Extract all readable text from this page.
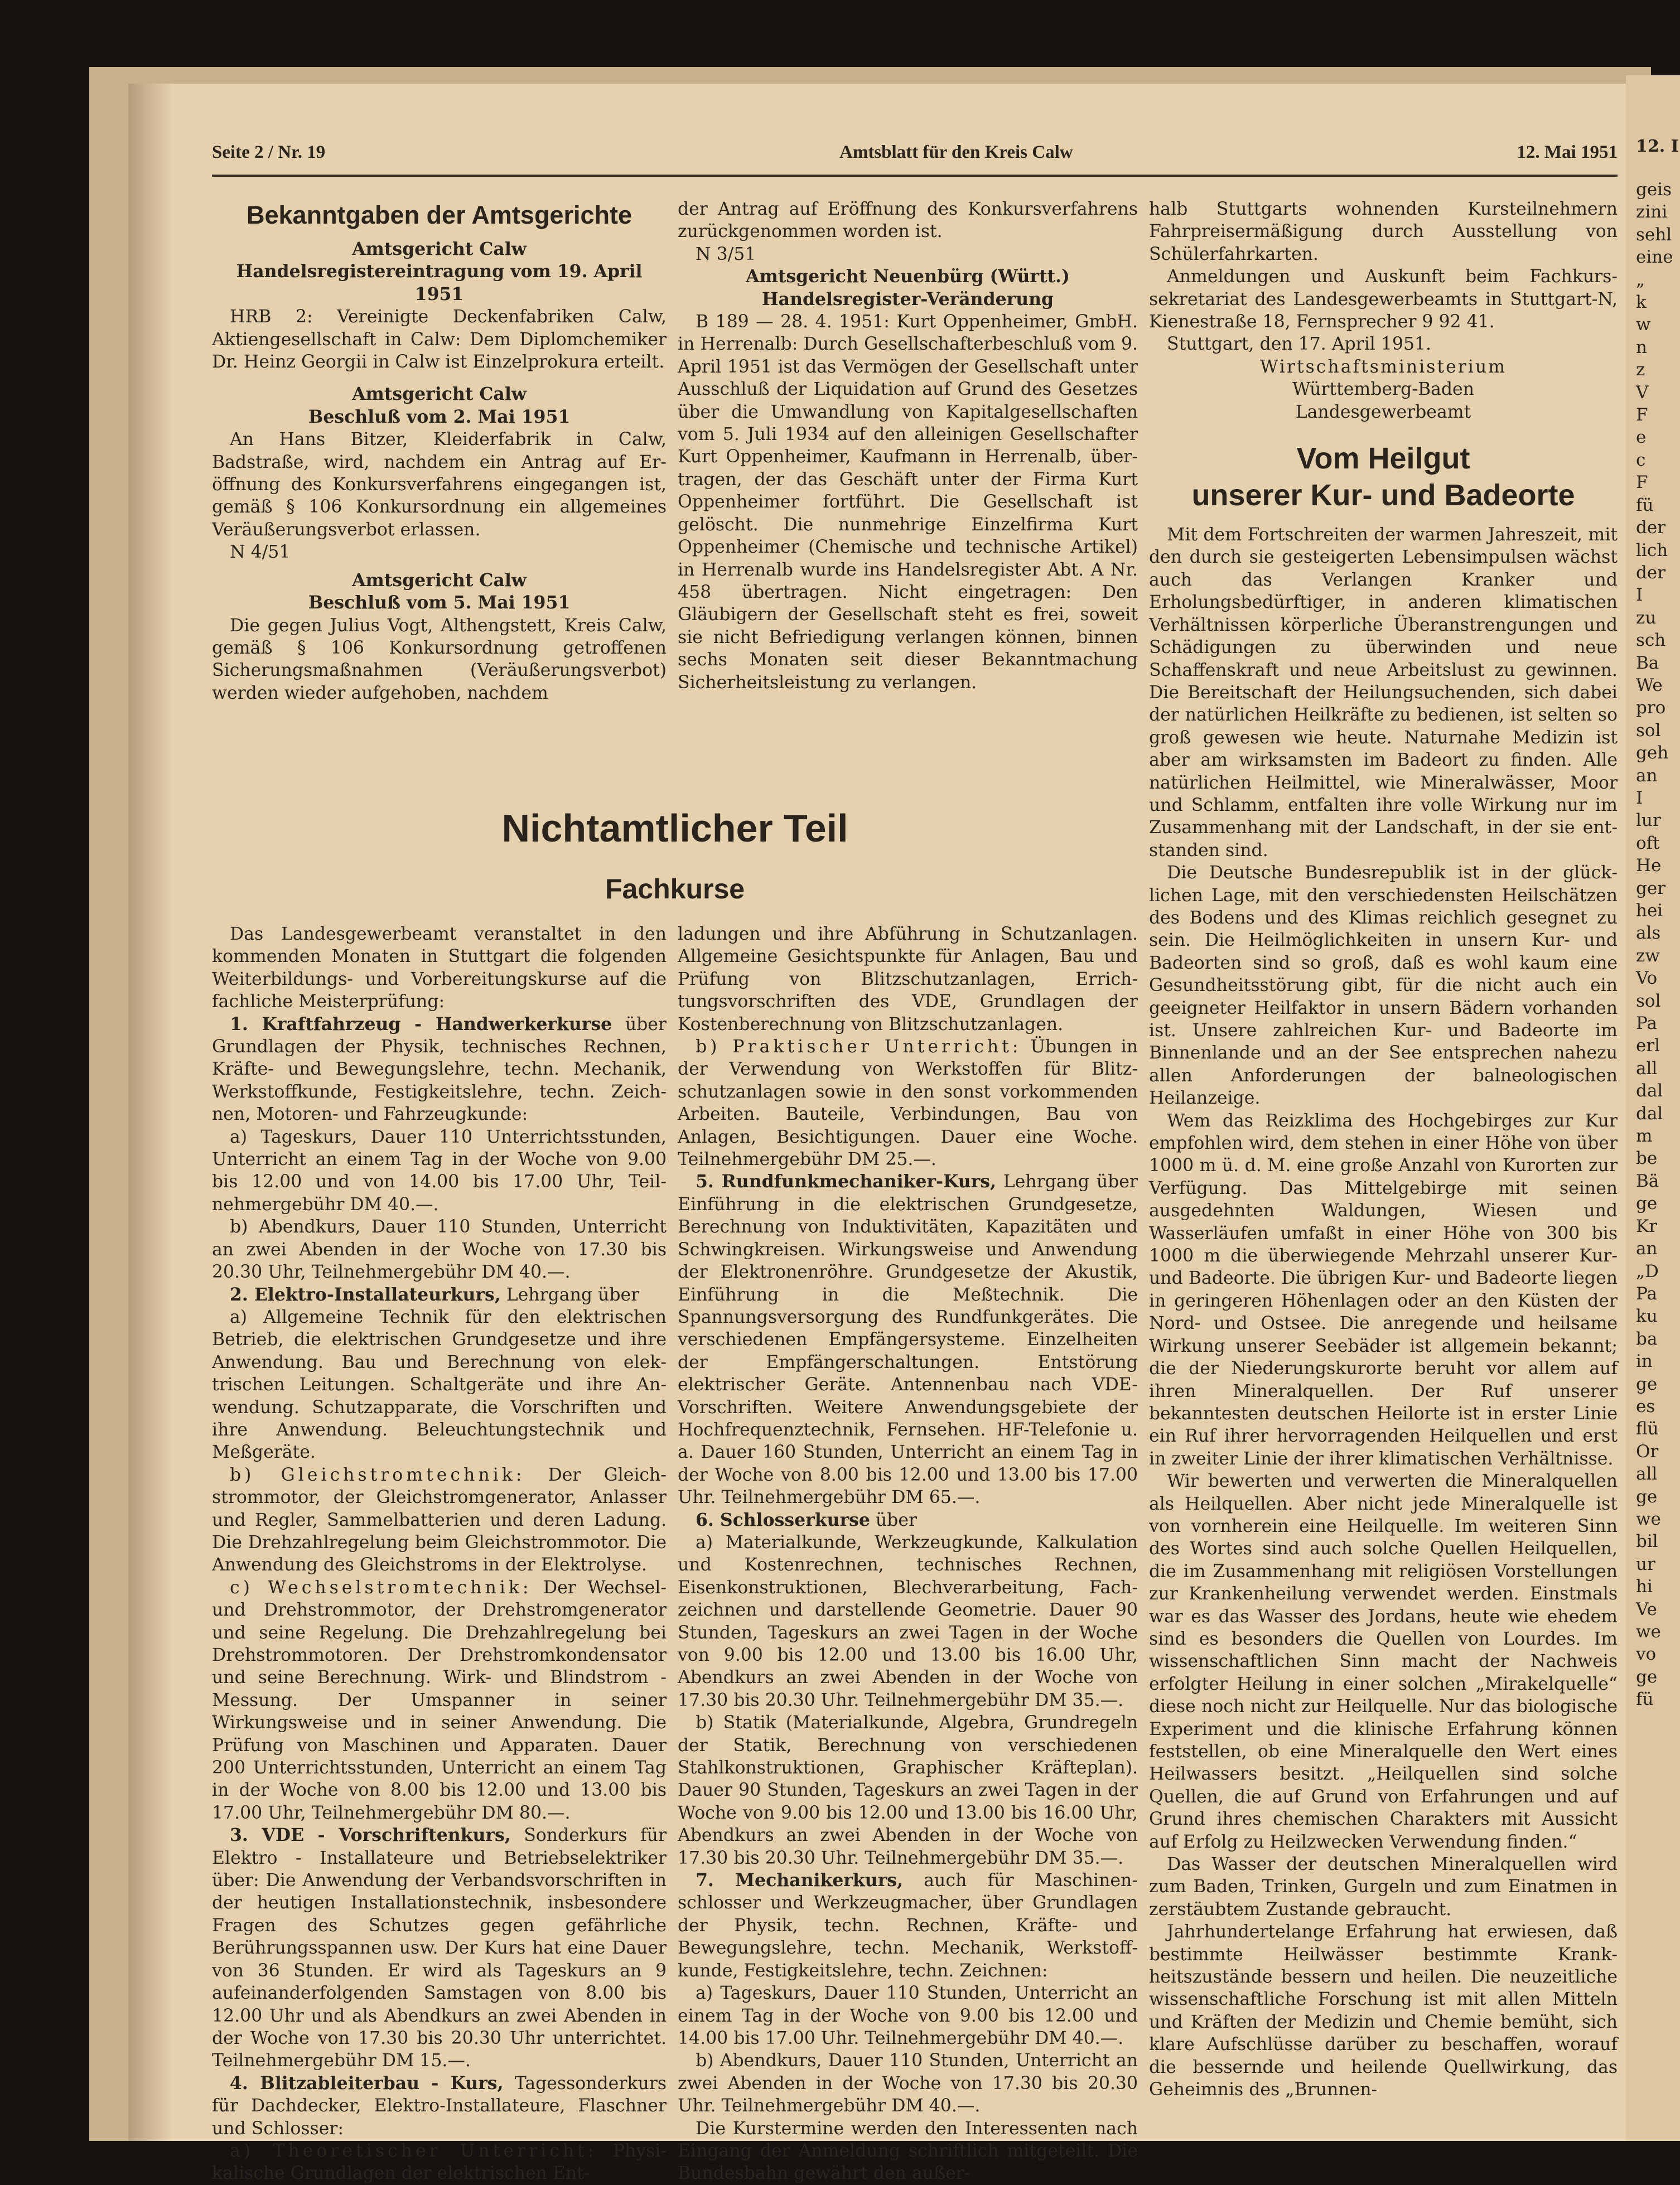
Seite 2 / Nr. 19	Amtsblatt für den Kreis Calw	12. Mai 1951

Bekanntgaben der Amtsgerichte

Amtsgericht Calw

Handelsregistereintragung vom 19. April 1951

HRB 2: Vereinigte Deckenfabriken Calw, Aktiengesellschaft in Calw: Dem Diplomchemiker Dr. Heinz Georgii in Calw ist Einzelprokura erteilt.

Amtsgericht Calw

Beschluß vom 2. Mai 1951

An Hans Bitzer, Kleiderfabrik in Calw, Badstraße, wird, nachdem ein Antrag auf Eröffnung des Konkursverfahrens eingegangen ist, gemäß § 106 Konkursordnung ein allgemeines Veräußerungsverbot erlassen.

N 4/51

Amtsgericht Calw

Beschluß vom 5. Mai 1951

Die gegen Julius Vogt, Althengstett, Kreis Calw, gemäß § 106 Konkursordnung getroffenen Sicherungsmaßnahmen (Veräußerungsverbot) werden wieder aufgehoben, nachdem

der Antrag auf Eröffnung des Konkursverfahrens zurückgenommen worden ist.

N 3/51

Amtsgericht Neuenbürg (Württ.)

Handelsregister-Veränderung

B 189 — 28. 4. 1951: Kurt Oppenheimer, GmbH. in Herrenalb: Durch Gesellschafterbeschluß vom 9. April 1951 ist das Vermögen der Gesellschaft unter Ausschluß der Liquidation auf Grund des Gesetzes über die Umwandlung von Kapitalgesellschaften vom 5. Juli 1934 auf den alleinigen Gesellschafter Kurt Oppenheimer, Kaufmann in Herrenalb, übertragen, der das Geschäft unter der Firma Kurt Oppenheimer fortführt. Die Gesellschaft ist gelöscht. Die nunmehrige Einzelfirma Kurt Oppenheimer (Chemische und technische Artikel) in Herrenalb wurde ins Handelsregister Abt. A Nr. 458 übertragen. Nicht eingetragen: Den Gläubigern der Gesellschaft steht es frei, soweit sie nicht Befriedigung verlangen können, binnen sechs Monaten seit dieser Bekanntmachung Sicherheitsleistung zu verlangen.

Nichtamtlicher Teil
Fachkurse

Das Landesgewerbeamt veranstaltet in den kommenden Monaten in Stuttgart die folgenden Weiterbildungs- und Vorbereitungskurse auf die fachliche Meisterprüfung:

1. Kraftfahrzeug - Handwerkerkurse über Grundlagen der Physik, technisches Rechnen, Kräfte- und Bewegungslehre, techn. Mechanik, Werkstoffkunde, Festigkeitslehre, techn. Zeichnen, Motoren- und Fahrzeugkunde:

a) Tageskurs, Dauer 110 Unterrichtsstunden, Unterricht an einem Tag in der Woche von 9.00 bis 12.00 und von 14.00 bis 17.00 Uhr, Teilnehmergebühr DM 40.—.

b) Abendkurs, Dauer 110 Stunden, Unterricht an zwei Abenden in der Woche von 17.30 bis 20.30 Uhr, Teilnehmergebühr DM 40.—.

2. Elektro-Installateurkurs, Lehrgang über

a) Allgemeine Technik für den elektrischen Betrieb, die elektrischen Grundgesetze und ihre Anwendung. Bau und Berechnung von elektrischen Leitungen. Schaltgeräte und ihre Anwendung. Schutzapparate, die Vorschriften und ihre Anwendung. Beleuchtungstechnik und Meßgeräte.

b) Gleichstromtechnik: Der Gleichstrommotor, der Gleichstromgenerator, Anlasser und Regler, Sammelbatterien und deren Ladung. Die Drehzahlregelung beim Gleichstrommotor. Die Anwendung des Gleichstroms in der Elektrolyse.

c) Wechselstromtechnik: Der Wechsel- und Drehstrommotor, der Drehstromgenerator und seine Regelung. Die Drehzahlregelung bei Drehstrommotoren. Der Drehstromkondensator und seine Berechnung. Wirk- und Blindstrom - Messung. Der Umspanner in seiner Wirkungsweise und in seiner Anwendung. Die Prüfung von Maschinen und Apparaten. Dauer 200 Unterrichtsstunden, Unterricht an einem Tag in der Woche von 8.00 bis 12.00 und 13.00 bis 17.00 Uhr, Teilnehmergebühr DM 80.—.

3. VDE - Vorschriftenkurs, Sonderkurs für Elektro - Installateure und Betriebselektriker über: Die Anwendung der Verbandsvorschriften in der heutigen Installationstechnik, insbesondere Fragen des Schutzes gegen gefährliche Berührungsspannen usw. Der Kurs hat eine Dauer von 36 Stunden. Er wird als Tageskurs an 9 aufeinanderfolgenden Samstagen von 8.00 bis 12.00 Uhr und als Abendkurs an zwei Abenden in der Woche von 17.30 bis 20.30 Uhr unterrichtet. Teilnehmergebühr DM 15.—.

4. Blitzableiterbau - Kurs, Tagessonderkurs für Dachdecker, Elektro-Installateure, Flaschner und Schlosser:

a) Theoretischer Unterricht: Physikalische Grundlagen der elektrischen Ent-

ladungen und ihre Abführung in Schutzanlagen. Allgemeine Gesichtspunkte für Anlagen, Bau und Prüfung von Blitzschutzanlagen, Errichtungsvorschriften des VDE, Grundlagen der Kostenberechnung von Blitzschutzanlagen.

b) Praktischer Unterricht: Übungen in der Verwendung von Werkstoffen für Blitzschutzanlagen sowie in den sonst vorkommenden Arbeiten. Bauteile, Verbindungen, Bau von Anlagen, Besichtigungen. Dauer eine Woche. Teilnehmergebühr DM 25.—.

5. Rundfunkmechaniker-Kurs, Lehrgang über Einführung in die elektrischen Grundgesetze, Berechnung von Induktivitäten, Kapazitäten und Schwingkreisen. Wirkungsweise und Anwendung der Elektronenröhre. Grundgesetze der Akustik, Einführung in die Meßtechnik. Die Spannungsversorgung des Rundfunkgerätes. Die verschiedenen Empfängersysteme. Einzelheiten der Empfängerschaltungen. Entstörung elektrischer Geräte. Antennenbau nach VDE-Vorschriften. Weitere Anwendungsgebiete der Hochfrequenztechnik, Fernsehen. HF-Telefonie u. a. Dauer 160 Stunden, Unterricht an einem Tag in der Woche von 8.00 bis 12.00 und 13.00 bis 17.00 Uhr. Teilnehmergebühr DM 65.—.

6. Schlosserkurse über

a) Materialkunde, Werkzeugkunde, Kalkulation und Kostenrechnen, technisches Rechnen, Eisenkonstruktionen, Blechverarbeitung, Fachzeichnen und darstellende Geometrie. Dauer 90 Stunden, Tageskurs an zwei Tagen in der Woche von 9.00 bis 12.00 und 13.00 bis 16.00 Uhr, Abendkurs an zwei Abenden in der Woche von 17.30 bis 20.30 Uhr. Teilnehmergebühr DM 35.—.

b) Statik (Materialkunde, Algebra, Grundregeln der Statik, Berechnung von verschiedenen Stahlkonstruktionen, Graphischer Kräfteplan). Dauer 90 Stunden, Tageskurs an zwei Tagen in der Woche von 9.00 bis 12.00 und 13.00 bis 16.00 Uhr, Abendkurs an zwei Abenden in der Woche von 17.30 bis 20.30 Uhr. Teilnehmergebühr DM 35.—.

7. Mechanikerkurs, auch für Maschinenschlosser und Werkzeugmacher, über Grundlagen der Physik, techn. Rechnen, Kräfte- und Bewegungslehre, techn. Mechanik, Werkstoffkunde, Festigkeitslehre, techn. Zeichnen:

a) Tageskurs, Dauer 110 Stunden, Unterricht an einem Tag in der Woche von 9.00 bis 12.00 und 14.00 bis 17.00 Uhr. Teilnehmergebühr DM 40.—.

b) Abendkurs, Dauer 110 Stunden, Unterricht an zwei Abenden in der Woche von 17.30 bis 20.30 Uhr. Teilnehmergebühr DM 40.—.

Die Kurstermine werden den Interessenten nach Eingang der Anmeldung schriftlich mitgeteilt. Die Bundesbahn gewährt den außer-

halb Stuttgarts wohnenden Kursteilnehmern Fahrpreisermäßigung durch Ausstellung von Schülerfahrkarten.

Anmeldungen und Auskunft beim Fachkurssekretariat des Landesgewerbeamts in Stuttgart-N, Kienestraße 18, Fernsprecher 9 92 41.

Stuttgart, den 17. April 1951.

Wirtschaftsministerium

Württemberg-Baden

Landesgewerbeamt

Vom Heilgut
unserer Kur- und Badeorte

Mit dem Fortschreiten der warmen Jahreszeit, mit den durch sie gesteigerten Lebensimpulsen wächst auch das Verlangen Kranker und Erholungsbedürftiger, in anderen klimatischen Verhältnissen körperliche Überanstrengungen und Schädigungen zu überwinden und neue Schaffenskraft und neue Arbeitslust zu gewinnen. Die Bereitschaft der Heilungsuchenden, sich dabei der natürlichen Heilkräfte zu bedienen, ist selten so groß gewesen wie heute. Naturnahe Medizin ist aber am wirksamsten im Badeort zu finden. Alle natürlichen Heilmittel, wie Mineralwässer, Moor und Schlamm, entfalten ihre volle Wirkung nur im Zusammenhang mit der Landschaft, in der sie entstanden sind.

Die Deutsche Bundesrepublik ist in der glücklichen Lage, mit den verschiedensten Heilschätzen des Bodens und des Klimas reichlich gesegnet zu sein. Die Heilmöglichkeiten in unsern Kur- und Badeorten sind so groß, daß es wohl kaum eine Gesundheitsstörung gibt, für die nicht auch ein geeigneter Heilfaktor in unsern Bädern vorhanden ist. Unsere zahlreichen Kur- und Badeorte im Binnenlande und an der See entsprechen nahezu allen Anforderungen der balneologischen Heilanzeige.

Wem das Reizklima des Hochgebirges zur Kur empfohlen wird, dem stehen in einer Höhe von über 1000 m ü. d. M. eine große Anzahl von Kurorten zur Verfügung. Das Mittelgebirge mit seinen ausgedehnten Waldungen, Wiesen und Wasserläufen umfaßt in einer Höhe von 300 bis 1000 m die überwiegende Mehrzahl unserer Kur- und Badeorte. Die übrigen Kur- und Badeorte liegen in geringeren Höhenlagen oder an den Küsten der Nord- und Ostsee. Die anregende und heilsame Wirkung unserer Seebäder ist allgemein bekannt; die der Niederungskurorte beruht vor allem auf ihren Mineralquellen. Der Ruf unserer bekanntesten deutschen Heilorte ist in erster Linie ein Ruf ihrer hervorragenden Heilquellen und erst in zweiter Linie der ihrer klimatischen Verhältnisse.

Wir bewerten und verwerten die Mineralquellen als Heilquellen. Aber nicht jede Mineralquelle ist von vornherein eine Heilquelle. Im weiteren Sinn des Wortes sind auch solche Quellen Heilquellen, die im Zusammenhang mit religiösen Vorstellungen zur Krankenheilung verwendet werden. Einstmals war es das Wasser des Jordans, heute wie ehedem sind es besonders die Quellen von Lourdes. Im wissenschaftlichen Sinn macht der Nachweis erfolgter Heilung in einer solchen „Mirakelquelle“ diese noch nicht zur Heilquelle. Nur das biologische Experiment und die klinische Erfahrung können feststellen, ob eine Mineralquelle den Wert eines Heilwassers besitzt. „Heilquellen sind solche Quellen, die auf Grund von Erfahrungen und auf Grund ihres chemischen Charakters mit Aussicht auf Erfolg zu Heilzwecken Verwendung finden.“

Das Wasser der deutschen Mineralquellen wird zum Baden, Trinken, Gurgeln und zum Einatmen in zerstäubtem Zustande gebraucht.

Jahrhundertelange Erfahrung hat erwiesen, daß bestimmte Heilwässer bestimmte Krankheitszustände bessern und heilen. Die neuzeitliche wissenschaftliche Forschung ist mit allen Mitteln und Kräften der Medizin und Chemie bemüht, sich klare Aufschlüsse darüber zu beschaffen, worauf die bessernde und heilende Quellwirkung, das Geheimnis des „Brunnen-

12. I
geis
zini
sehl
eine
„
k
w
n
z
V
F
e
c
F
fü
der
lich
der
I
zu
sch
Ba
We
pro
sol
geh
an
I
lur
oft
He
ger
hei
als
zw
Vo
sol
Pa
erl
all
dal
dal
m
be
Bä
ge
Kr
an
„D
Pa
ku
ba
in
ge
es
flü
Or
all
ge
we
bil
ur
hi
Ve
we
vo
ge
fü
